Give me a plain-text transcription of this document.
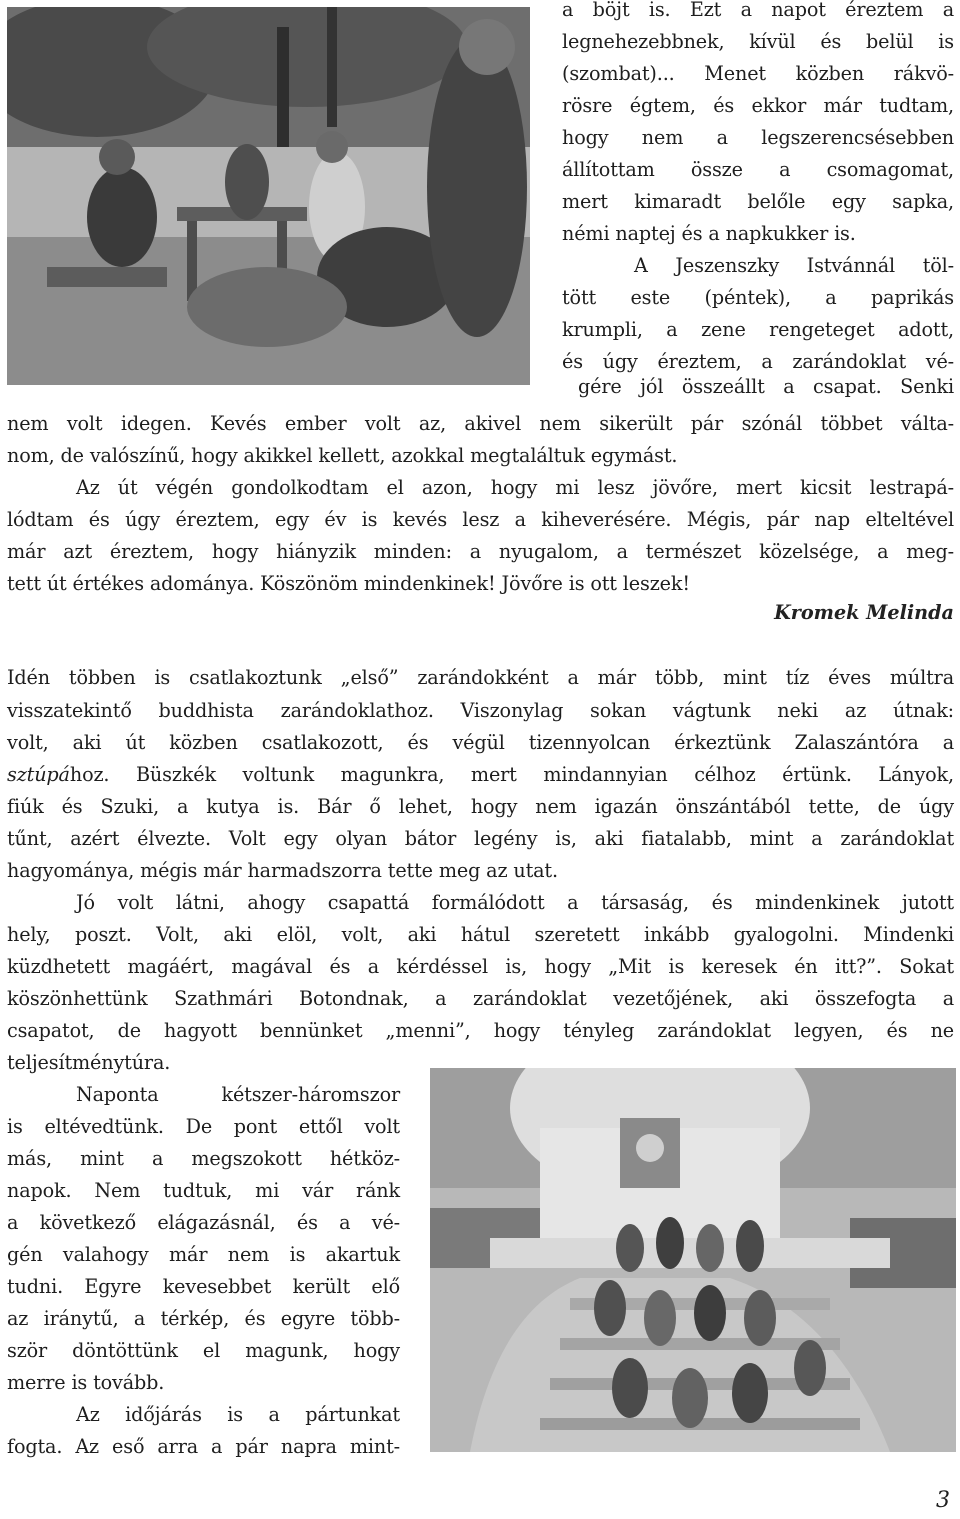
a böjt is. Ezt a napot éreztem a
legnehezebbnek, kívül és belül is
(szombat)... Menet közben rákvö-
rösre égtem, és ekkor már tudtam,
hogy nem a legszerencsésebben
állítottam össze a csomagomat,
mert kimaradt belőle egy sapka,
némi naptej és a napkukker is.
A Jeszenszky Istvánnál töl-
tött este (péntek), a paprikás
krumpli, a zene rengeteget adott,
és úgy éreztem, a zarándoklat vé-
gére jól összeállt a csapat. Senki
nem volt idegen. Kevés ember volt az, akivel nem sikerült pár szónál többet válta-
nom, de valószínű, hogy akikkel kellett, azokkal megtaláltuk egymást.
Az út végén gondolkodtam el azon, hogy mi lesz jövőre, mert kicsit lestrapá-
lódtam és úgy éreztem, egy év is kevés lesz a kiheverésére. Mégis, pár nap elteltével
már azt éreztem, hogy hiányzik minden: a nyugalom, a természet közelsége, a meg-
tett út értékes adománya. Köszönöm mindenkinek! Jövőre is ott leszek!
Kromek Melinda
Idén többen is csatlakoztunk „első” zarándokként a már több, mint tíz éves múltra
visszatekintő buddhista zarándoklathoz. Viszonylag sokan vágtunk neki az útnak:
volt, aki út közben csatlakozott, és végül tizennyolcan érkeztünk Zalaszántóra a
sztúpá hoz. Büszkék voltunk magunkra, mert mindannyian célhoz értünk. Lányok,
fiúk és Szuki, a kutya is. Bár ő lehet, hogy nem igazán önszántából tette, de úgy
tűnt, azért élvezte. Volt egy olyan bátor legény is, aki fiatalabb, mint a zarándoklat
hagyománya, mégis már harmadszorra tette meg az utat.
Jó volt látni, ahogy csapattá formálódott a társaság, és mindenkinek jutott
hely, poszt. Volt, aki elöl, volt, aki hátul szeretett inkább gyalogolni. Mindenki
küzdhetett magáért, magával és a kérdéssel is, hogy „Mit is keresek én itt?”. Sokat
köszönhettünk Szathmári Botondnak, a zarándoklat vezetőjének, aki összefogta a
csapatot, de hagyott bennünket „menni”, hogy tényleg zarándoklat legyen, és ne
teljesítménytúra.
Naponta kétszer-háromszor
is eltévedtünk. De pont ettől volt
más, mint a megszokott hétköz-
napok. Nem tudtuk, mi vár ránk
a következő elágazásnál, és a vé-
gén valahogy már nem is akartuk
tudni. Egyre kevesebbet került elő
az iránytű, a térkép, és egyre több-
ször döntöttünk el magunk, hogy
merre is tovább.
Az időjárás is a pártunkat
fogta. Az eső arra a pár napra mint-
3
